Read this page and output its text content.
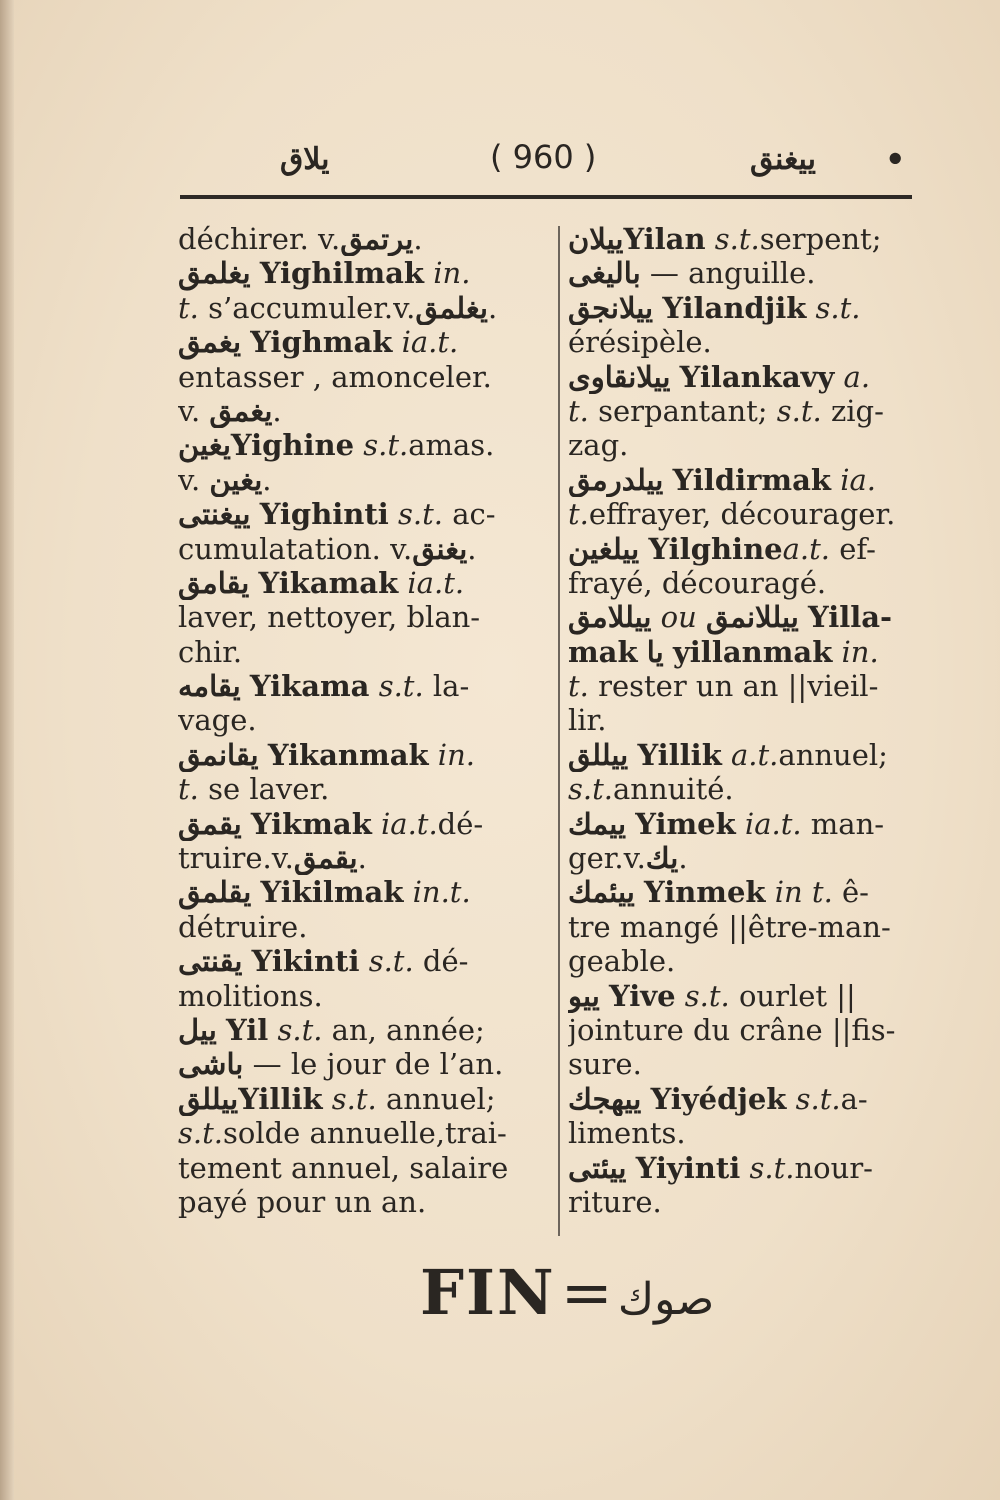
يلاق	( 960 )	ييغنق •
déchirer. v.يرتمق.
يغلمق Yighilmak in.
t. s’accumuler.v.يغلمق.
يغمق Yighmak ia.t.
entasser , amonceler.
v. يغمق.
يغينYighine s.t.amas.
v. يغين.
ييغنتى Yighinti s.t. ac-
cumulatation. v.يغنق.
يقامق Yikamak ia.t.
laver, nettoyer, blan-
chir.
يقامه Yikama s.t. la-
vage.
يقانمق Yikanmak in.
t. se laver.
يقمق Yikmak ia.t.dé-
truire.v.يقمق.
يقلمق Yikilmak in.t.
détruire.
يقنتى Yikinti s.t. dé-
molitions.
ييل Yil s.t. an, année;
باشى — le jour de l’an.
ييللقYillik s.t. annuel;
s.t.solde annuelle,trai-
tement annuel, salaire
payé pour un an.
ييلانYilan s.t.serpent;
باليغى — anguille.
ييلانجق Yilandjik s.t.
érésipèle.
ييلانقاوى Yilankavy a.
t. serpantant; s.t. zig-
zag.
ييلدرمق Yildirmak ia.
t.effrayer, décourager.
ييلغين Yilghinea.t. ef-
frayé, découragé.
ييللامق ou ييللانمق Yilla-
mak يا yillanmak in.
t. rester un an ||vieil-
lir.
ييللق Yillik a.t.annuel;
s.t.annuité.
ييمك Yimek ia.t. man-
ger.v.يك.
ييئمك Yinmek in t. ê-
tre mangé ||être-man-
geable.
ييو Yive s.t. ourlet ||
jointure du crâne ||fis-
sure.
ييهجك Yiyédjek s.t.a-
liments.
ييئتى Yiyinti s.t.nour-
riture.
FIN = صوك
